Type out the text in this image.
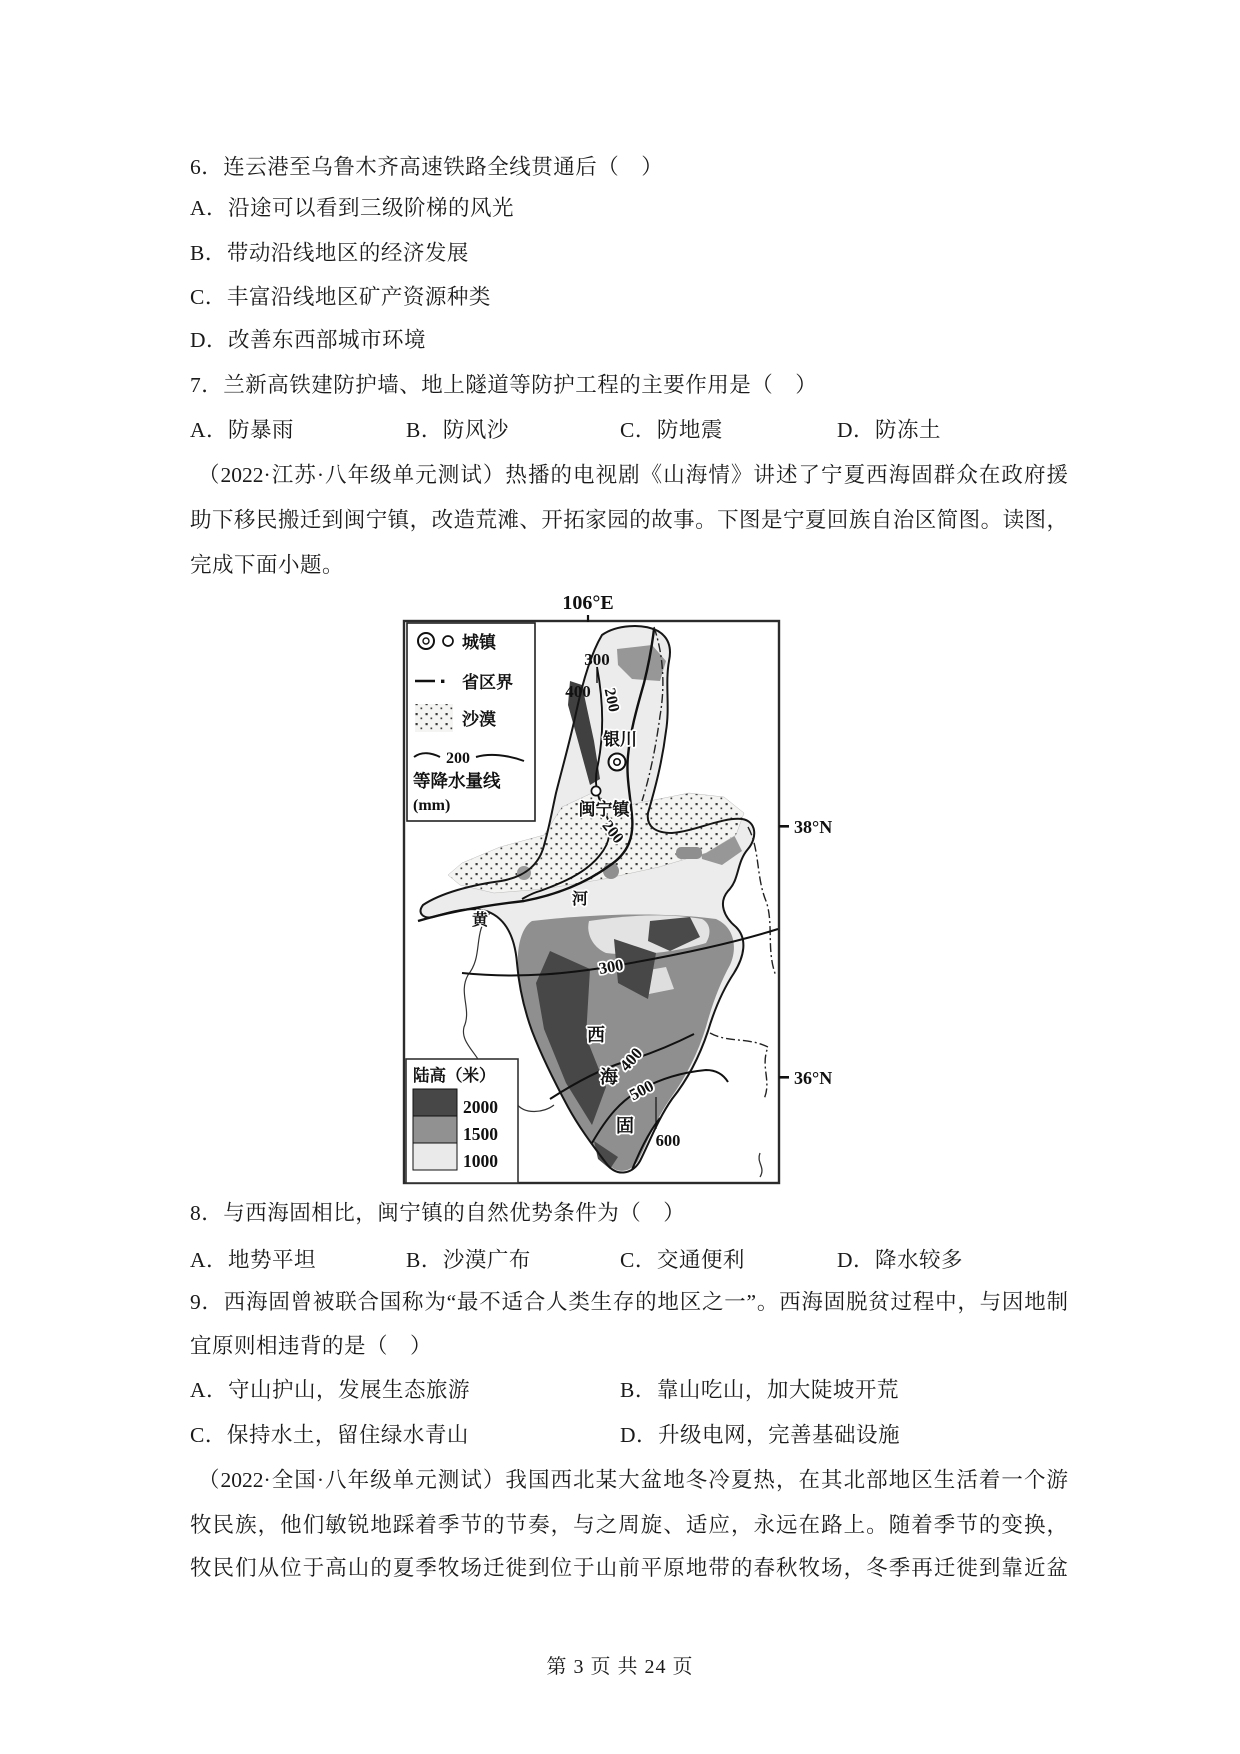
6．连云港至乌鲁木齐高速铁路全线贯通后（　）
A．沿途可以看到三级阶梯的风光
B．带动沿线地区的经济发展
C．丰富沿线地区矿产资源种类
D．改善东西部城市环境
7．兰新高铁建防护墙、地上隧道等防护工程的主要作用是（　）
A．防暴雨	B．防风沙	C．防地震	D．防冻土
（2022·江苏·八年级单元测试）热播的电视剧《山海情》讲述了宁夏西海固群众在政府援
助下移民搬迁到闽宁镇，改造荒滩、开拓家园的故事。下图是宁夏回族自治区简图。读图，
完成下面小题。
106°E
300
400 200
200
300
400
500
600
银川
闽宁镇
黄
河
西
海
固
38°N
36°N
城镇
省区界
沙漠
200
等降水量线
(mm)
陆高（米）
2000
1500
1000
8．与西海固相比，闽宁镇的自然优势条件为（　）
A．地势平坦	B．沙漠广布	C．交通便利	D．降水较多
9．西海固曾被联合国称为“最不适合人类生存的地区之一”。西海固脱贫过程中，与因地制
宜原则相违背的是（　）
A．守山护山，发展生态旅游	B．靠山吃山，加大陡坡开荒
C．保持水土，留住绿水青山	D．升级电网，完善基础设施
（2022·全国·八年级单元测试）我国西北某大盆地冬冷夏热，在其北部地区生活着一个游
牧民族，他们敏锐地踩着季节的节奏，与之周旋、适应，永远在路上。随着季节的变换，
牧民们从位于高山的夏季牧场迁徙到位于山前平原地带的春秋牧场，冬季再迁徙到靠近盆
第 3 页 共 24 页
